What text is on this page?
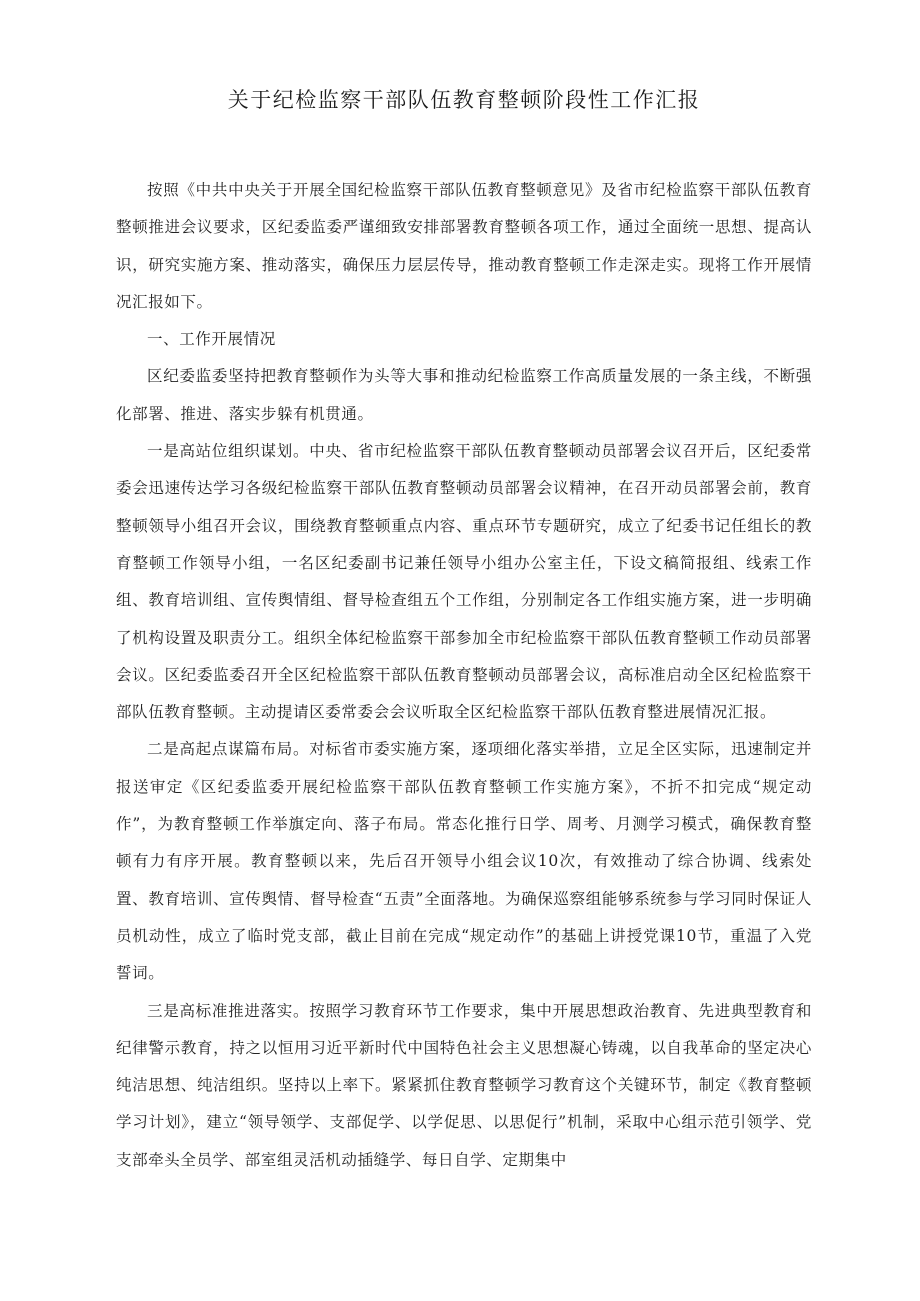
关于纪检监察干部队伍教育整顿阶段性工作汇报

按照《中共中央关于开展全国纪检监察干部队伍教育整顿意见》及省市纪检监察干部队伍教育整顿推进会议要求，区纪委监委严谨细致安排部署教育整顿各项工作，通过全面统一思想、提高认识，研究实施方案、推动落实，确保压力层层传导，推动教育整顿工作走深走实。现将工作开展情况汇报如下。

一、工作开展情况

区纪委监委坚持把教育整顿作为头等大事和推动纪检监察工作高质量发展的一条主线，不断强化部署、推进、落实步躲有机贯通。

一是高站位组织谋划。中央、省市纪检监察干部队伍教育整顿动员部署会议召开后，区纪委常委会迅速传达学习各级纪检监察干部队伍教育整顿动员部署会议精神，在召开动员部署会前，教育整顿领导小组召开会议，围绕教育整顿重点内容、重点环节专题研究，成立了纪委书记任组长的教育整顿工作领导小组，一名区纪委副书记兼任领导小组办公室主任，下设文稿简报组、线索工作组、教育培训组、宣传舆情组、督导检查组五个工作组，分别制定各工作组实施方案，进一步明确了机构设置及职责分工。组织全体纪检监察干部参加全市纪检监察干部队伍教育整顿工作动员部署会议。区纪委监委召开全区纪检监察干部队伍教育整顿动员部署会议，高标准启动全区纪检监察干部队伍教育整顿。主动提请区委常委会会议听取全区纪检监察干部队伍教育整进展情况汇报。

二是高起点谋篇布局。对标省市委实施方案，逐项细化落实举措，立足全区实际，迅速制定并报送审定《区纪委监委开展纪检监察干部队伍教育整顿工作实施方案》，不折不扣完成“规定动作”，为教育整顿工作举旗定向、落子布局。常态化推行日学、周考、月测学习模式，确保教育整顿有力有序开展。教育整顿以来，先后召开领导小组会议10次，有效推动了综合协调、线索处置、教育培训、宣传舆情、督导检查“五责”全面落地。为确保巡察组能够系统参与学习同时保证人员机动性，成立了临时党支部，截止目前在完成“规定动作”的基础上讲授党课10节，重温了入党誓词。

三是高标准推进落实。按照学习教育环节工作要求，集中开展思想政治教育、先进典型教育和纪律警示教育，持之以恒用习近平新时代中国特色社会主义思想凝心铸魂，以自我革命的坚定决心纯洁思想、纯洁组织。坚持以上率下。紧紧抓住教育整顿学习教育这个关键环节，制定《教育整顿学习计划》，建立“领导领学、支部促学、以学促思、以思促行”机制，采取中心组示范引领学、党支部牵头全员学、部室组灵活机动插缝学、每日自学、定期集中
